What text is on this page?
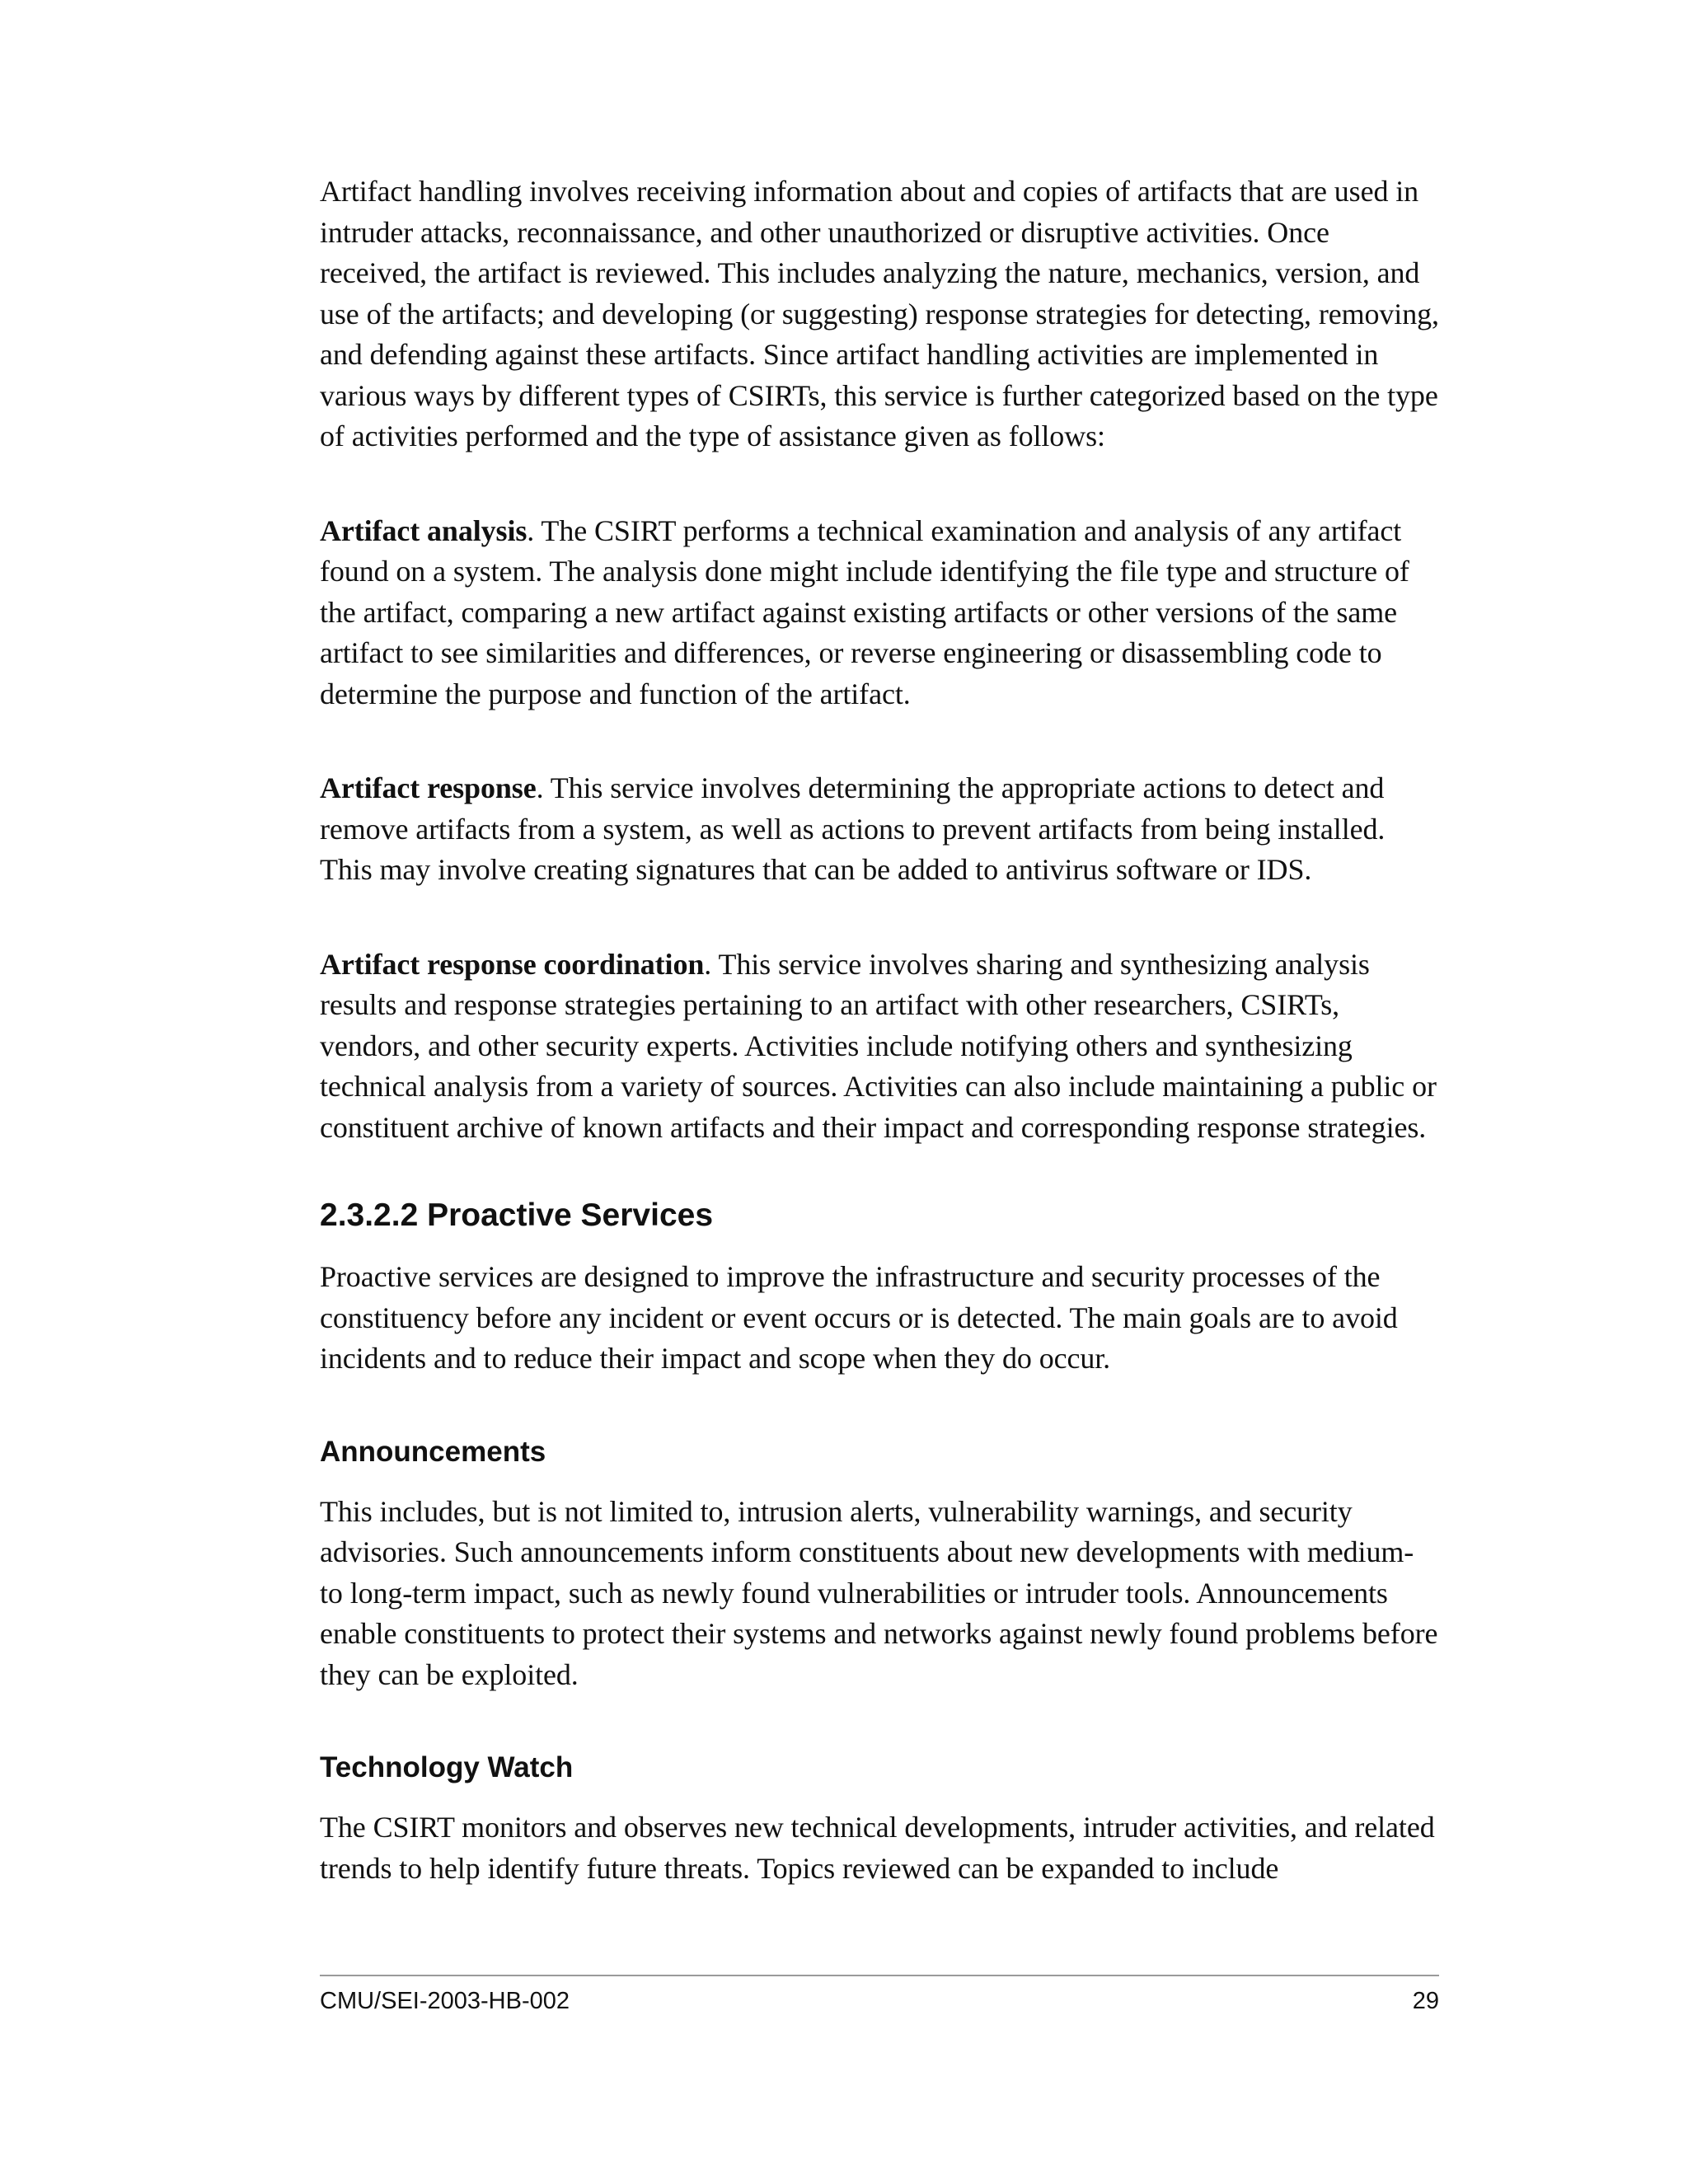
Artifact handling involves receiving information about and copies of artifacts that are used in intruder attacks, reconnaissance, and other unauthorized or disruptive activities. Once received, the artifact is reviewed. This includes analyzing the nature, mechanics, version, and use of the artifacts; and developing (or suggesting) response strategies for detecting, removing, and defending against these artifacts. Since artifact handling activities are implemented in various ways by different types of CSIRTs, this service is further categorized based on the type of activities performed and the type of assistance given as follows:

Artifact analysis. The CSIRT performs a technical examination and analysis of any artifact found on a system. The analysis done might include identifying the file type and structure of the artifact, comparing a new artifact against existing artifacts or other versions of the same artifact to see similarities and differences, or reverse engineering or disassembling code to determine the purpose and function of the artifact.

Artifact response. This service involves determining the appropriate actions to detect and remove artifacts from a system, as well as actions to prevent artifacts from being installed. This may involve creating signatures that can be added to antivirus software or IDS.

Artifact response coordination. This service involves sharing and synthesizing analysis results and response strategies pertaining to an artifact with other researchers, CSIRTs, vendors, and other security experts. Activities include notifying others and synthesizing technical analysis from a variety of sources. Activities can also include maintaining a public or constituent archive of known artifacts and their impact and corresponding response strategies.

2.3.2.2 Proactive Services

Proactive services are designed to improve the infrastructure and security processes of the constituency before any incident or event occurs or is detected. The main goals are to avoid incidents and to reduce their impact and scope when they do occur.

Announcements

This includes, but is not limited to, intrusion alerts, vulnerability warnings, and security advisories. Such announcements inform constituents about new developments with medium- to long-term impact, such as newly found vulnerabilities or intruder tools. Announcements enable constituents to protect their systems and networks against newly found problems before they can be exploited.

Technology Watch

The CSIRT monitors and observes new technical developments, intruder activities, and related trends to help identify future threats. Topics reviewed can be expanded to include

CMU/SEI-2003-HB-002	29
